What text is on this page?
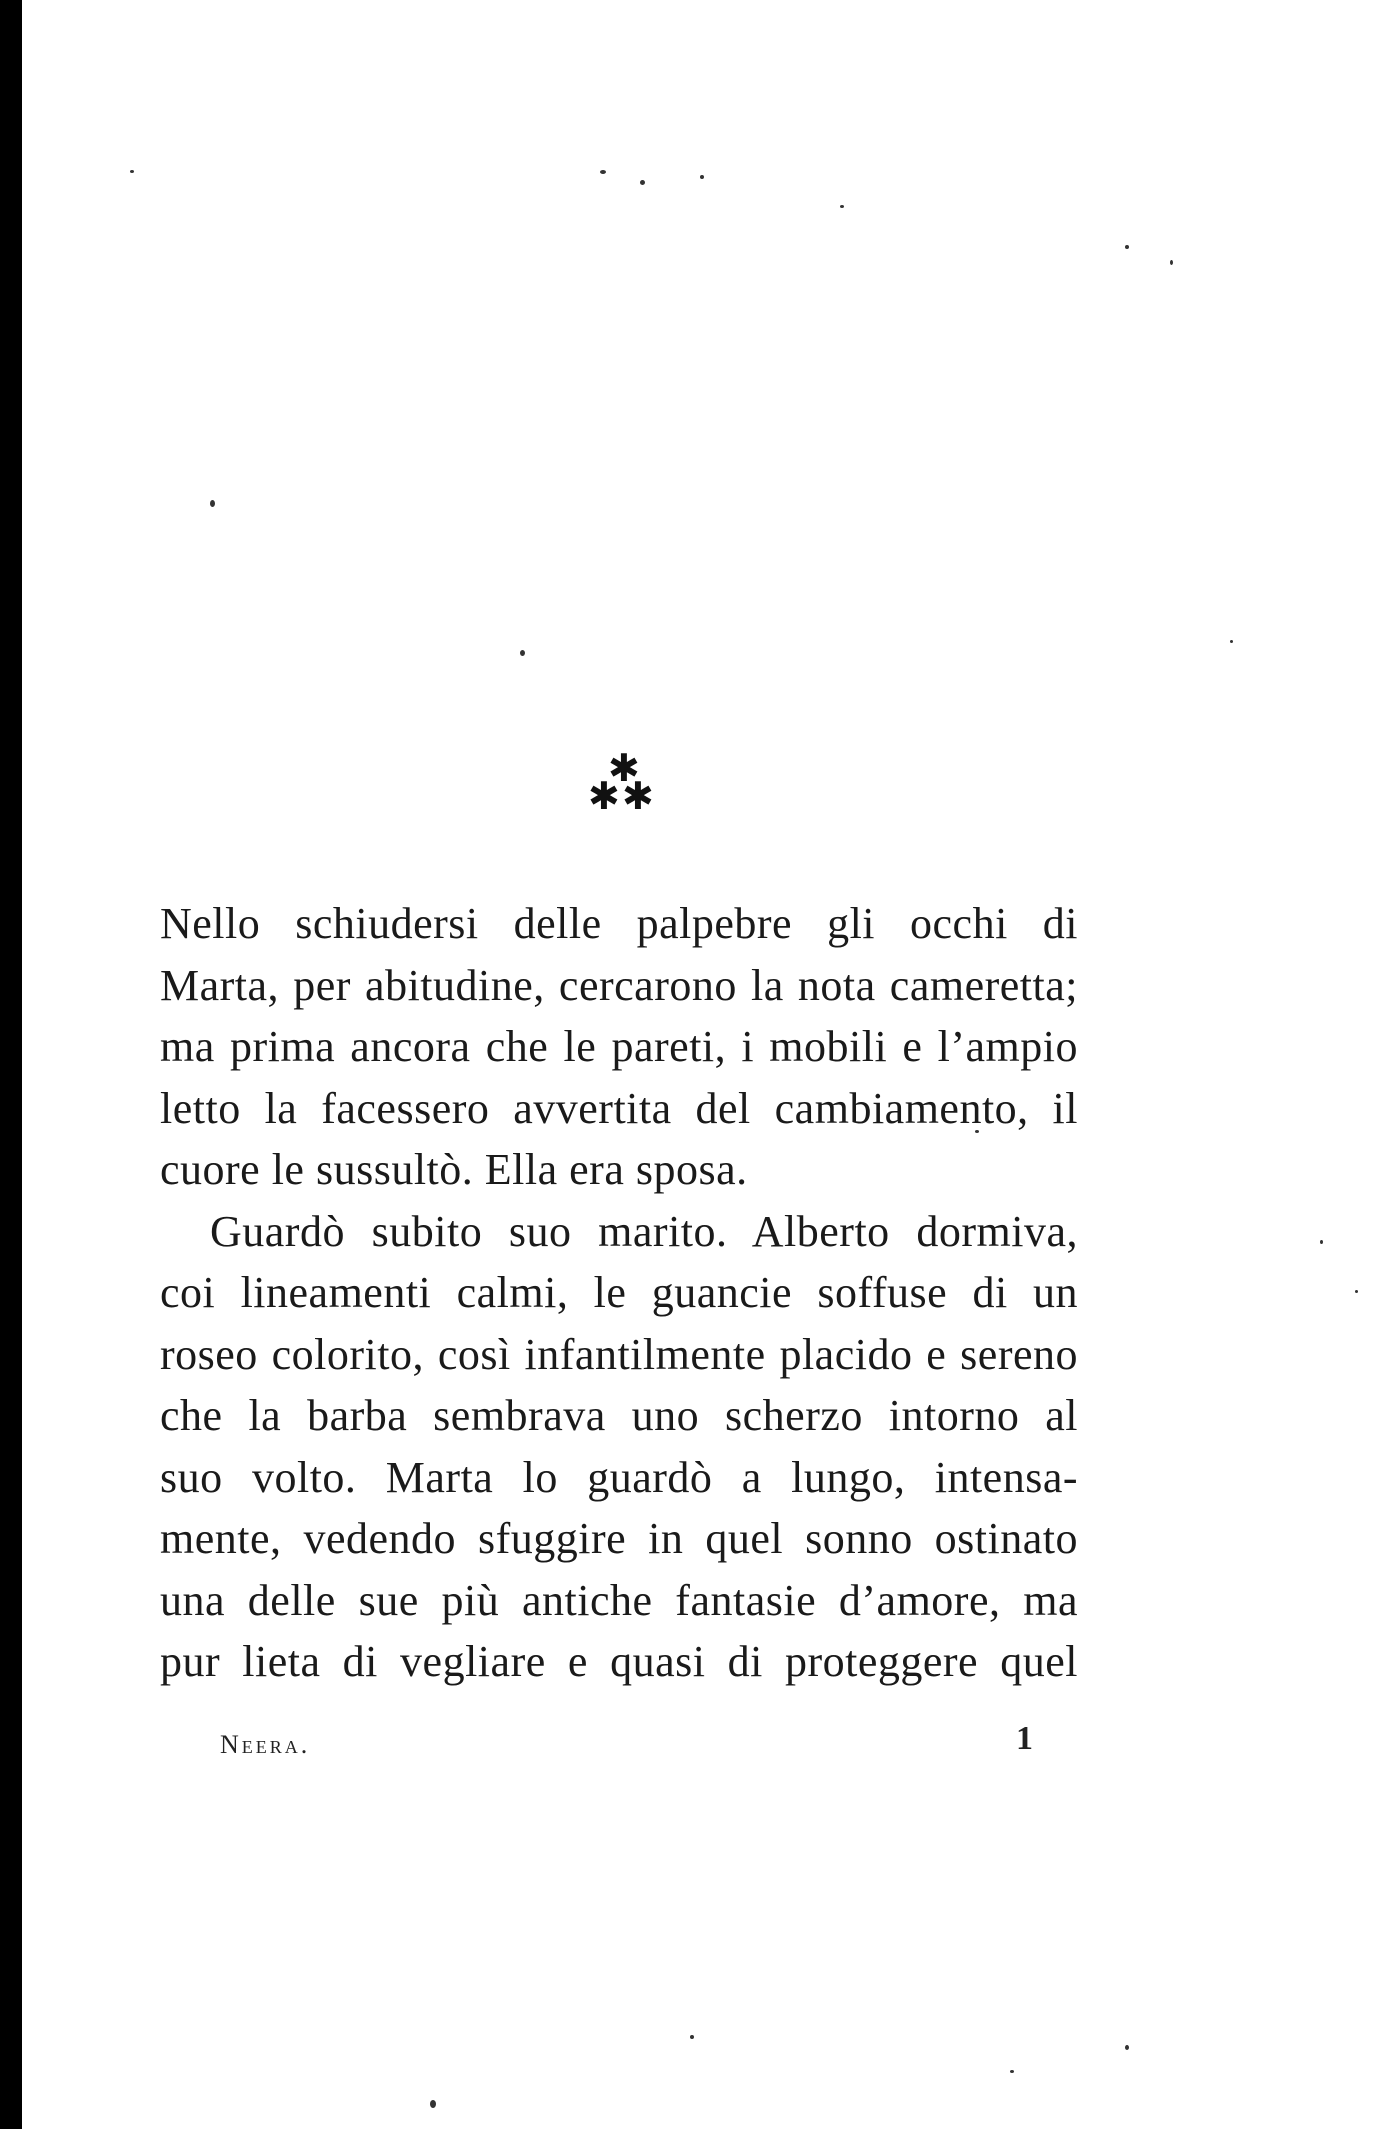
✱
✱ ✱
Nello schiudersi delle palpebre gli occhi di
Marta, per abitudine, cercarono la nota cameretta;
ma prima ancora che le pareti, i mobili e l’ampio
letto la facessero avvertita del cambiamento, il
cuore le sussultò. Ella era sposa.
Guardò subito suo marito. Alberto dormiva,
coi lineamenti calmi, le guancie soffuse di un
roseo colorito, così infantilmente placido e sereno
che la barba sembrava uno scherzo intorno al
suo volto. Marta lo guardò a lungo, intensa-
mente, vedendo sfuggire in quel sonno ostinato
una delle sue più antiche fantasie d’amore, ma
pur lieta di vegliare e quasi di proteggere quel
Neera.	1
